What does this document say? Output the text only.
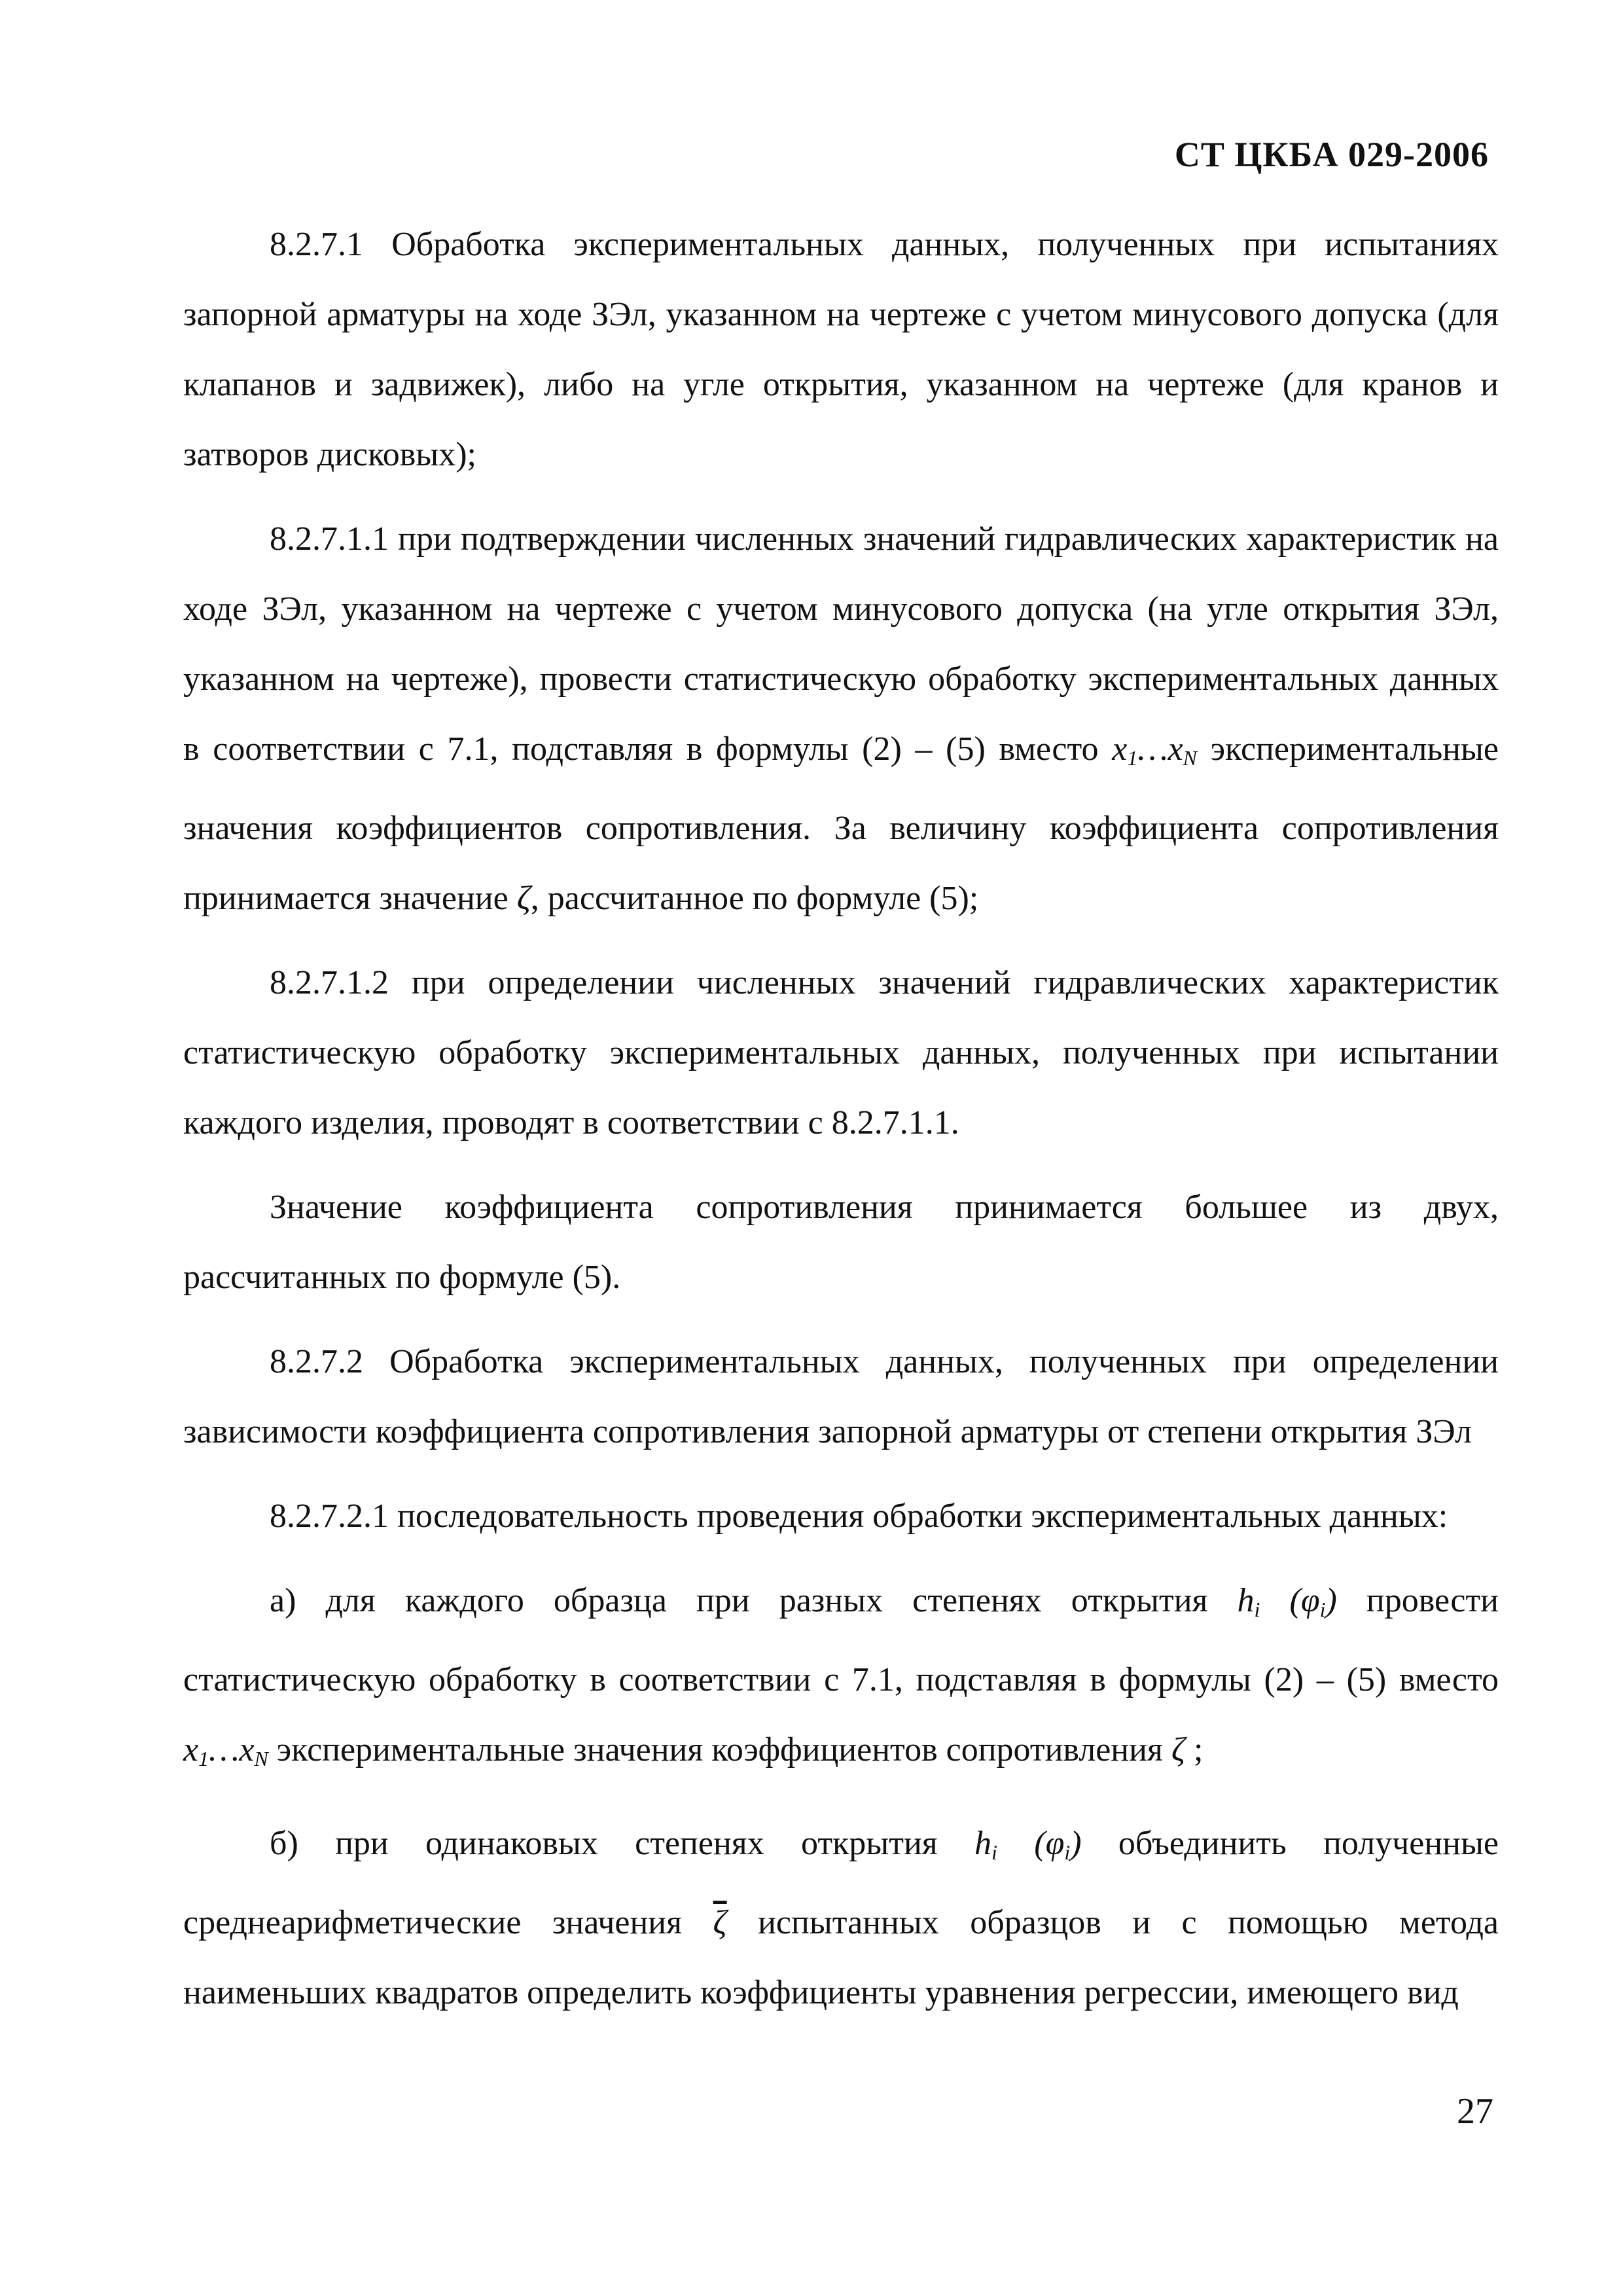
СТ ЦКБА 029-2006

8.2.7.1 Обработка экспериментальных данных, полученных при испытаниях запорной арматуры на ходе ЗЭл, указанном на чертеже с учетом минусового допуска (для клапанов и задвижек), либо на угле открытия, указанном на чертеже (для кранов и затворов дисковых);

8.2.7.1.1 при подтверждении численных значений гидравлических характеристик на ходе ЗЭл, указанном на чертеже с учетом минусового допуска (на угле открытия ЗЭл, указанном на чертеже), провести статистическую обработку экспериментальных данных в соответствии с 7.1, подставляя в формулы (2) – (5) вместо $x_1\dots x_N$ экспериментальные значения коэффициентов сопротивления. За величину коэффициента сопротивления принимается значение ζ, рассчитанное по формуле (5);

8.2.7.1.2 при определении численных значений гидравлических характеристик статистическую обработку экспериментальных данных, полученных при испытании каждого изделия, проводят в соответствии с 8.2.7.1.1.

Значение коэффициента сопротивления принимается большее из двух, рассчитанных по формуле (5).

8.2.7.2 Обработка экспериментальных данных, полученных при определении зависимости коэффициента сопротивления запорной арматуры от степени открытия ЗЭл

8.2.7.2.1 последовательность проведения обработки экспериментальных данных:

а) для каждого образца при разных степенях открытия $h_i$ $(\varphi_i)$ провести статистическую обработку в соответствии с 7.1, подставляя в формулы (2) – (5) вместо $x_1\dots x_N$ экспериментальные значения коэффициентов сопротивления ζ ;

б) при одинаковых степенях открытия $h_i$ $(\varphi_i)$ объединить полученные среднеарифметические значения $\overline{\zeta}$ испытанных образцов и с помощью метода наименьших квадратов определить коэффициенты уравнения регрессии, имеющего вид

27
